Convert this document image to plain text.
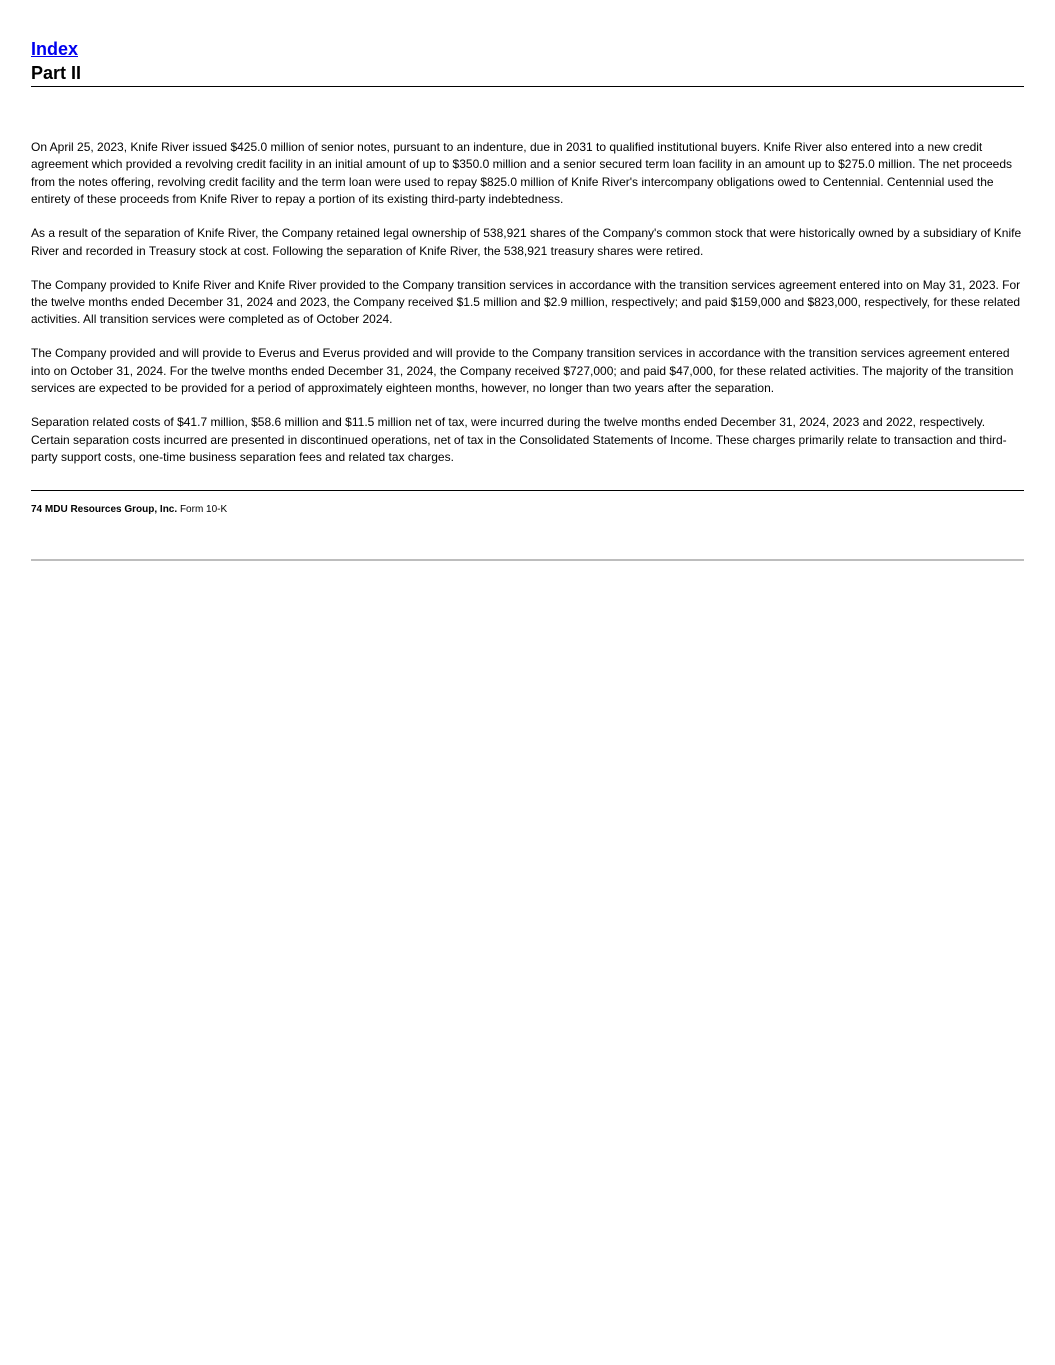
Index
Part II

On April 25, 2023, Knife River issued $425.0 million of senior notes, pursuant to an indenture, due in 2031 to qualified institutional buyers. Knife River also entered into a new credit agreement which provided a revolving credit facility in an initial amount of up to $350.0 million and a senior secured term loan facility in an amount up to $275.0 million. The net proceeds from the notes offering, revolving credit facility and the term loan were used to repay $825.0 million of Knife River's intercompany obligations owed to Centennial. Centennial used the entirety of these proceeds from Knife River to repay a portion of its existing third-party indebtedness.

As a result of the separation of Knife River, the Company retained legal ownership of 538,921 shares of the Company's common stock that were historically owned by a subsidiary of Knife River and recorded in Treasury stock at cost. Following the separation of Knife River, the 538,921 treasury shares were retired.

The Company provided to Knife River and Knife River provided to the Company transition services in accordance with the transition services agreement entered into on May 31, 2023. For the twelve months ended December 31, 2024 and 2023, the Company received $1.5 million and $2.9 million, respectively; and paid $159,000 and $823,000, respectively, for these related activities. All transition services were completed as of October 2024.

The Company provided and will provide to Everus and Everus provided and will provide to the Company transition services in accordance with the transition services agreement entered into on October 31, 2024. For the twelve months ended December 31, 2024, the Company received $727,000; and paid $47,000, for these related activities. The majority of the transition services are expected to be provided for a period of approximately eighteen months, however, no longer than two years after the separation.

Separation related costs of $41.7 million, $58.6 million and $11.5 million net of tax, were incurred during the twelve months ended December 31, 2024, 2023 and 2022, respectively. Certain separation costs incurred are presented in discontinued operations, net of tax in the Consolidated Statements of Income. These charges primarily relate to transaction and third-party support costs, one-time business separation fees and related tax charges.

74 MDU Resources Group, Inc. Form 10-K
